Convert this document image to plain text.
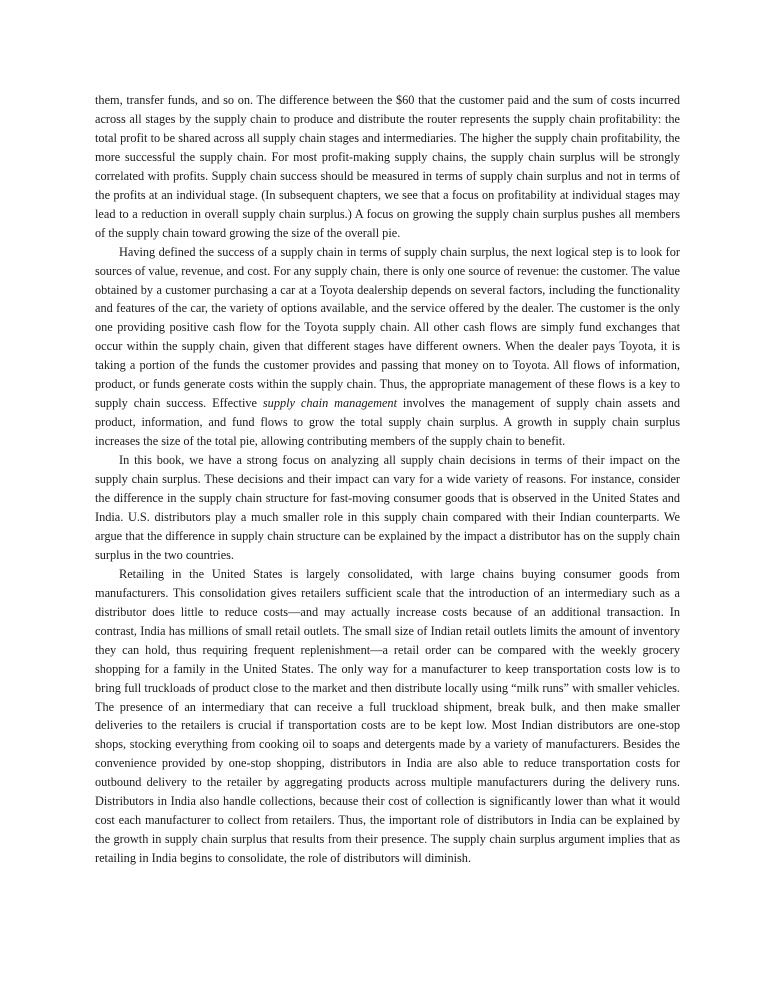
them, transfer funds, and so on. The difference between the $60 that the customer paid and the sum of costs incurred across all stages by the supply chain to produce and distribute the router represents the supply chain profitability: the total profit to be shared across all supply chain stages and intermediaries. The higher the supply chain profitability, the more successful the supply chain. For most profit-making supply chains, the supply chain surplus will be strongly correlated with profits. Supply chain success should be measured in terms of supply chain surplus and not in terms of the profits at an individual stage. (In subsequent chapters, we see that a focus on profitability at individual stages may lead to a reduction in overall supply chain surplus.) A focus on growing the supply chain surplus pushes all members of the supply chain toward growing the size of the overall pie.

Having defined the success of a supply chain in terms of supply chain surplus, the next logical step is to look for sources of value, revenue, and cost. For any supply chain, there is only one source of revenue: the customer. The value obtained by a customer purchasing a car at a Toyota dealership depends on several factors, including the functionality and features of the car, the variety of options available, and the service offered by the dealer. The customer is the only one providing positive cash flow for the Toyota supply chain. All other cash flows are simply fund exchanges that occur within the supply chain, given that different stages have different owners. When the dealer pays Toyota, it is taking a portion of the funds the customer provides and passing that money on to Toyota. All flows of information, product, or funds generate costs within the supply chain. Thus, the appropriate management of these flows is a key to supply chain success. Effective supply chain management involves the management of supply chain assets and product, information, and fund flows to grow the total supply chain surplus. A growth in supply chain surplus increases the size of the total pie, allowing contributing members of the supply chain to benefit.

In this book, we have a strong focus on analyzing all supply chain decisions in terms of their impact on the supply chain surplus. These decisions and their impact can vary for a wide variety of reasons. For instance, consider the difference in the supply chain structure for fast-moving consumer goods that is observed in the United States and India. U.S. distributors play a much smaller role in this supply chain compared with their Indian counterparts. We argue that the difference in supply chain structure can be explained by the impact a distributor has on the supply chain surplus in the two countries.

Retailing in the United States is largely consolidated, with large chains buying consumer goods from manufacturers. This consolidation gives retailers sufficient scale that the introduction of an intermediary such as a distributor does little to reduce costs—and may actually increase costs because of an additional transaction. In contrast, India has millions of small retail outlets. The small size of Indian retail outlets limits the amount of inventory they can hold, thus requiring frequent replenishment—a retail order can be compared with the weekly grocery shopping for a family in the United States. The only way for a manufacturer to keep transportation costs low is to bring full truckloads of product close to the market and then distribute locally using “milk runs” with smaller vehicles. The presence of an intermediary that can receive a full truckload shipment, break bulk, and then make smaller deliveries to the retailers is crucial if transportation costs are to be kept low. Most Indian distributors are one-stop shops, stocking everything from cooking oil to soaps and detergents made by a variety of manufacturers. Besides the convenience provided by one-stop shopping, distributors in India are also able to reduce transportation costs for outbound delivery to the retailer by aggregating products across multiple manufacturers during the delivery runs. Distributors in India also handle collections, because their cost of collection is significantly lower than what it would cost each manufacturer to collect from retailers. Thus, the important role of distributors in India can be explained by the growth in supply chain surplus that results from their presence. The supply chain surplus argument implies that as retailing in India begins to consolidate, the role of distributors will diminish.
